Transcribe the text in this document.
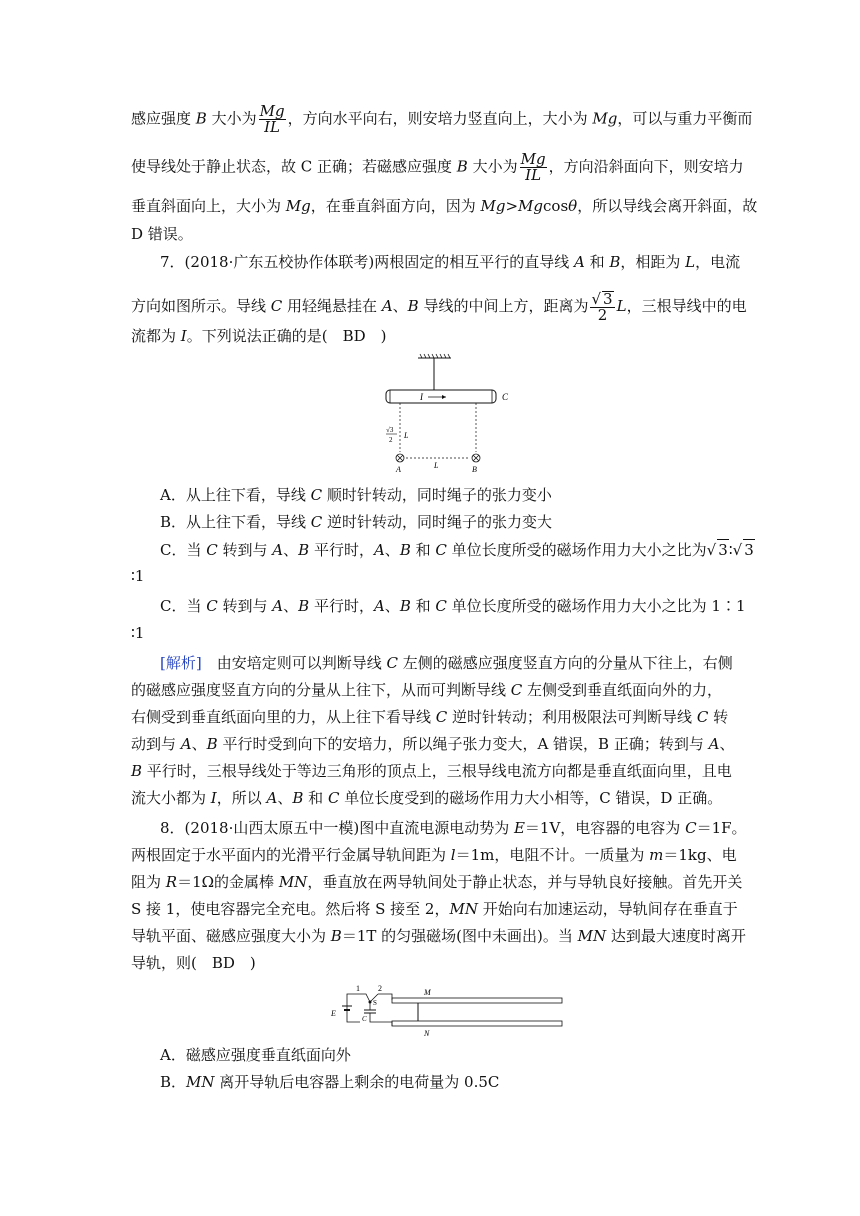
感应强度 B 大小为 $\frac{Mg}{IL}$ ，方向水平向右，则安培力竖直向上，大小为 Mg，可以与重力平衡而
使导线处于静止状态，故 C 正确；若磁感应强度 B 大小为 $\frac{Mg}{IL}$ ，方向沿斜面向下，则安培力
垂直斜面向上，大小为 Mg，在垂直斜面方向，因为 Mg>Mgcosθ，所以导线会离开斜面，故
D 错误。
7．(2018·广东五校协作体联考)两根固定的相互平行的直导线 A 和 B，相距为 L，电流
方向如图所示。导线 C 用轻绳悬挂在 A、B 导线的中间上方，距离为 $\frac{√ 3}{2}$ L，三根导线中的电
流都为 I。下列说法正确的是(　BD　)
I	C
√3
2 L
A	B
L
A．从上往下看，导线 C 顺时针转动，同时绳子的张力变小
B．从上往下看，导线 C 逆时针转动，同时绳子的张力变大
C．当 C 转到与 A、B 平行时，A、B 和 C 单位长度所受的磁场作用力大小之比为√ 3∶√ 3
∶1
C．当 C 转到与 A、B 平行时，A、B 和 C 单位长度所受的磁场作用力大小之比为 1∶1
∶1
[解析]　由安培定则可以判断导线 C 左侧的磁感应强度竖直方向的分量从下往上，右侧
的磁感应强度竖直方向的分量从上往下，从而可判断导线 C 左侧受到垂直纸面向外的力，
右侧受到垂直纸面向里的力，从上往下看导线 C 逆时针转动；利用极限法可判断导线 C 转
动到与 A、B 平行时受到向下的安培力，所以绳子张力变大，A 错误，B 正确；转到与 A、
B 平行时，三根导线处于等边三角形的顶点上，三根导线电流方向都是垂直纸面向里，且电
流大小都为 I，所以 A、B 和 C 单位长度受到的磁场作用力大小相等，C 错误，D 正确。
8．(2018·山西太原五中一模)图中直流电源电动势为 E＝1V，电容器的电容为 C＝1F。
两根固定于水平面内的光滑平行金属导轨间距为 l＝1m，电阻不计。一质量为 m＝1kg、电
阻为 R＝1Ω的金属棒 MN，垂直放在两导轨间处于静止状态，并与导轨良好接触。首先开关
S 接 1，使电容器完全充电。然后将 S 接至 2，MN 开始向右加速运动，导轨间存在垂直于
导轨平面、磁感应强度大小为 B＝1T 的匀强磁场(图中未画出)。当 MN 达到最大速度时离开
导轨，则(　BD　)
1 2
E
S
C
M
N
A．磁感应强度垂直纸面向外
B．MN 离开导轨后电容器上剩余的电荷量为 0.5C
